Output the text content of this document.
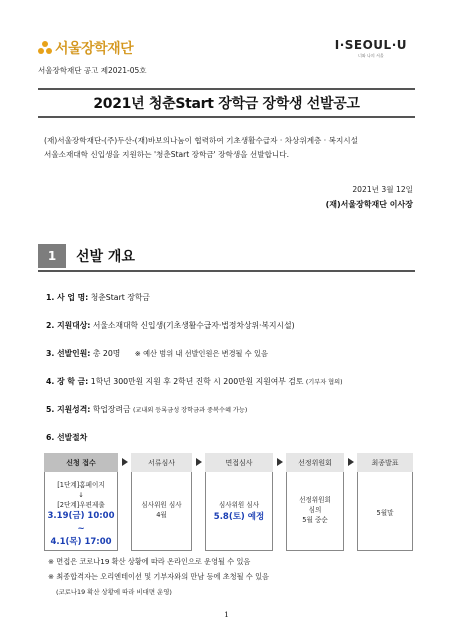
서울장학재단	I·SEOUL·U
너와 나의 서울
서울장학재단 공고 제2021-05호
2021년 청춘Start 장학금 장학생 선발공고
(재)서울장학재단-(주)두산-(재)바보의나눔이 협력하여 기초생활수급자 · 차상위계층 · 복지시설
서울소재대학 신입생을 지원하는 '청춘Start 장학금' 장학생을 선발합니다.
2021년 3월 12일
(재)서울장학재단 이사장
1	선발 개요
1. 사 업 명: 청춘Start 장학금
2. 지원대상: 서울소재대학 신입생(기초생활수급자·법정차상위·복지시설)
3. 선발인원: 총 20명 ※ 예산 범위 내 선발인원은 변경될 수 있음
4. 장 학 금: 1학년 300만원 지원 후 2학년 진학 시 200만원 지원여부 검토 (기부자 협의)
5. 지원성격: 학업장려금 (교내외 등록금성 장학금과 중복수혜 가능)
6. 선발절차
신청 접수
[1단계]홈페이지
↓
[2단계]우편제출
3.19(금) 10:00 ~
4.1(목) 17:00
서류심사
심사위원 심사
4월
면접심사
심사위원 심사
5.8(토) 예정
선정위원회
선정위원회
심의
5월 중순
최종발표
5월말
※ 면접은 코로나19 확산 상황에 따라 온라인으로 운영될 수 있음
※ 최종합격자는 오리엔테이션 및 기부자와의 만남 등에 초청될 수 있음
(코로나19 확산 상황에 따라 비대면 운영)
1
